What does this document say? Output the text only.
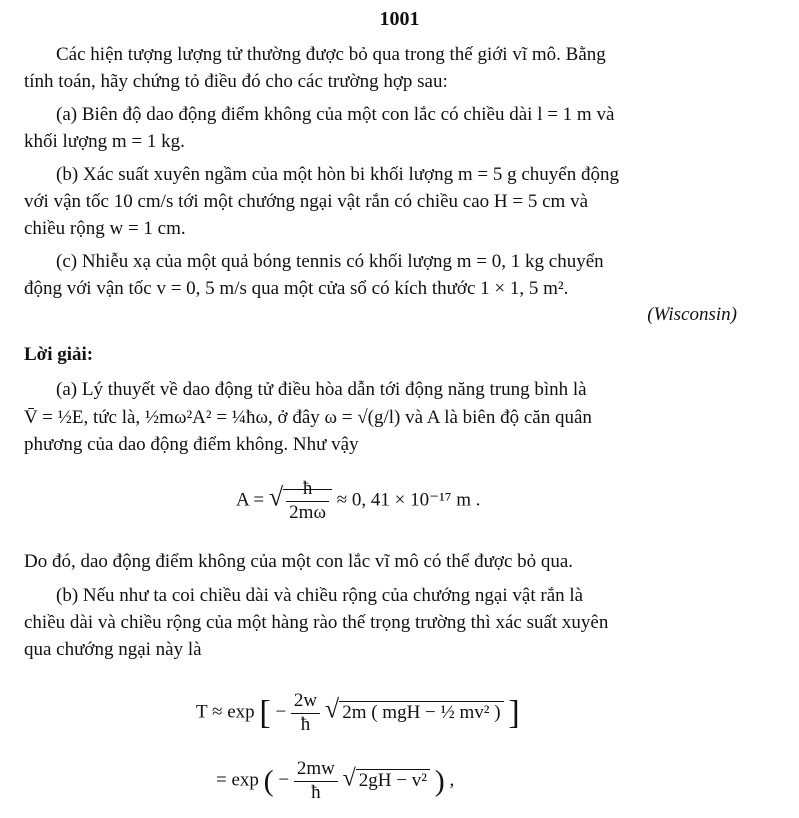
1001
Các hiện tượng lượng tử thường được bỏ qua trong thế giới vĩ mô. Bằng
tính toán, hãy chứng tỏ điều đó cho các trường hợp sau:
(a) Biên độ dao động điểm không của một con lắc có chiều dài l = 1 m và
khối lượng m = 1 kg.
(b) Xác suất xuyên ngầm của một hòn bi khối lượng m = 5 g chuyển động
với vận tốc 10 cm/s tới một chướng ngại vật rắn có chiều cao H = 5 cm và
chiều rộng w = 1 cm.
(c) Nhiễu xạ của một quả bóng tennis có khối lượng m = 0, 1 kg chuyển
động với vận tốc v = 0, 5 m/s qua một cửa sổ có kích thước 1 × 1, 5 m².
(Wisconsin)
Lời giải:
(a) Lý thuyết về dao động tử điều hòa dẫn tới động năng trung bình là
V̄ = ½E, tức là, ½mω²A² = ¼ħω, ở đây ω = √(g/l) và A là biên độ căn quân
phương của dao động điểm không. Như vậy
A = √ $\frac{ħ}{2m\omega} \approx 0$, 41 × 10⁻¹⁷ m .
Do đó, dao động điểm không của một con lắc vĩ mô có thể được bỏ qua.
(b) Nếu như ta coi chiều dài và chiều rộng của chướng ngại vật rắn là
chiều dài và chiều rộng của một hàng rào thế trọng trường thì xác suất xuyên
qua chướng ngại này là
T ≈ exp [ − $\frac{2w}{ħ}$ √ 2m ( mgH − ½ mv² ) ]
= exp ( − $\frac{2mw}{ħ}$ √ 2gH − v² ) ,
